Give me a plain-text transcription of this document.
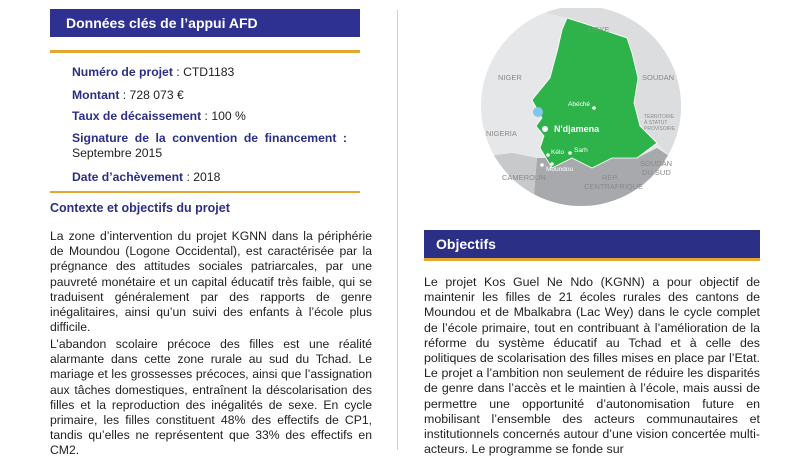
Données clés de l’appui AFD
Numéro de projet : CTD1183
Montant : 728 073 €
Taux de décaissement : 100 %
Signature de la convention de financement :
Septembre 2015
Date d’achèvement : 2018
Contexte et objectifs du projet

La zone d’intervention du projet KGNN dans la périphérie de Moundou (Logone Occidental), est caractérisée par la prégnance des attitudes sociales patriarcales, par une pauvreté monétaire et un capital éducatif très faible, qui se traduisent généralement par des rapports de genre inégalitaires, ainsi qu’un suivi des enfants à l’école plus difficile.

L’abandon scolaire précoce des filles est une réalité alarmante dans cette zone rurale au sud du Tchad. Le mariage et les grossesses précoces, ainsi que l’assignation aux tâches domestiques, entraînent la déscolarisation des filles et la reproduction des inégalités de sexe. En cycle primaire, les filles constituent 48% des effectifs de CP1, tandis qu’elles ne représentent que 33% des effectifs en CM2.

LIBYE
NIGER	SOUDAN
TERRITOIRE
À STATUT
PROVISOIRE
NIGERIA
CAMEROUN
SOUDAN
DU SUD
REP.
CENTRAFRIQUE
Abéché
N'djamena
Kélo Sarh
Moundou
Objectifs

Le projet Kos Guel Ne Ndo (KGNN) a pour objectif de maintenir les filles de 21 écoles rurales des cantons de Moundou et de Mbalkabra (Lac Wey) dans le cycle complet de l’école primaire, tout en contribuant à l’amélioration de la réforme du système éducatif au Tchad et à celle des politiques de scolarisation des filles mises en place par l’Etat. Le projet a l’ambition non seulement de réduire les disparités de genre dans l’accès et le maintien à l’école, mais aussi de permettre une opportunité d’autonomisation future en mobilisant l’ensemble des acteurs communautaires et institutionnels concernés autour d’une vision concertée multi-acteurs. Le programme se fonde sur
